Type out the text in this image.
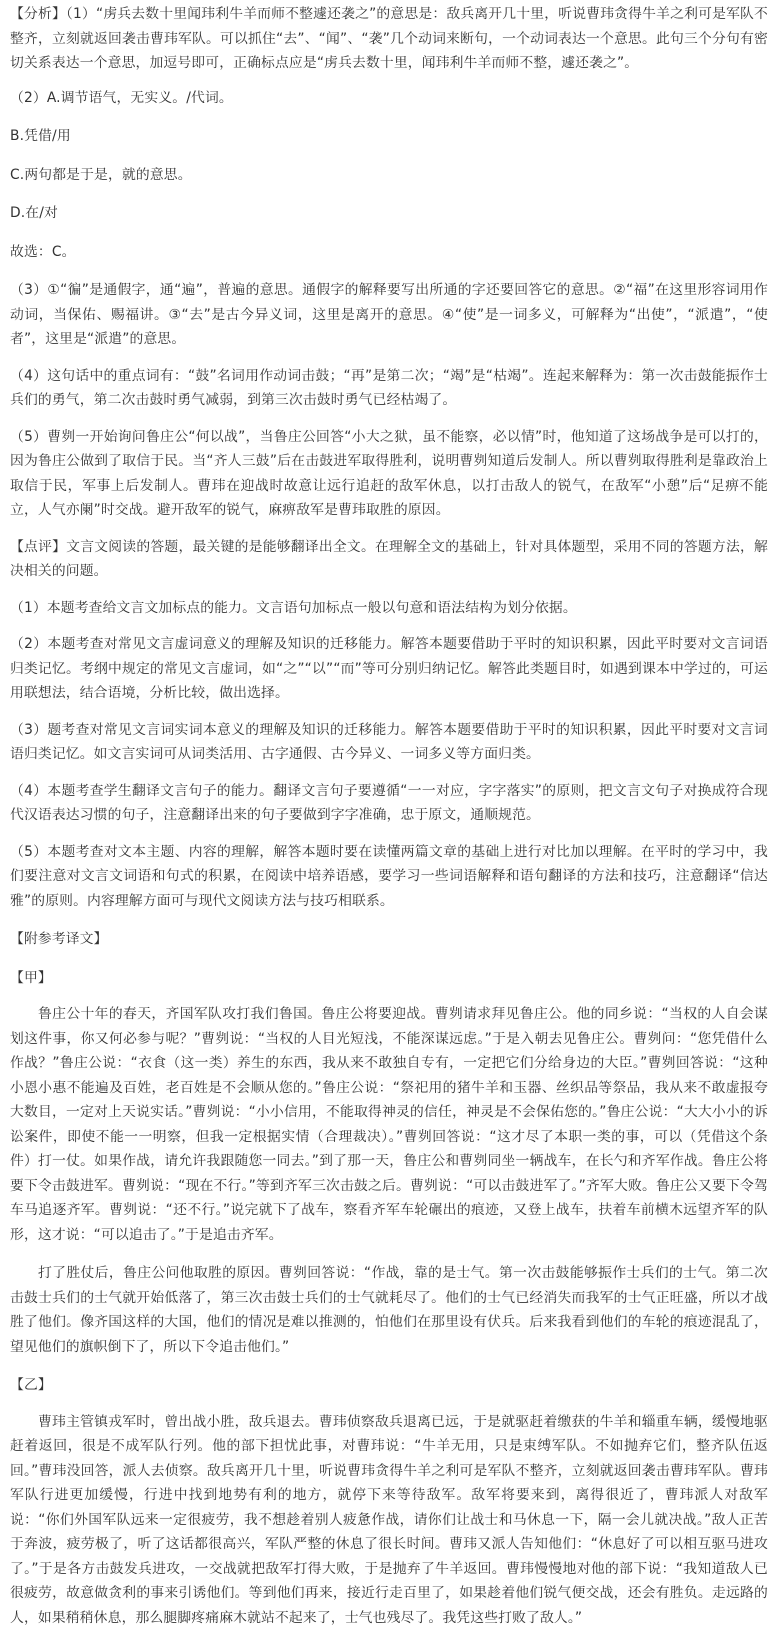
【分析】（1）“虏兵去数十里闻玮利牛羊而师不整遽还袭之”的意思是：敌兵离开几十里，听说曹玮贪得牛羊之利可是军队不整齐，立刻就返回袭击曹玮军队。可以抓住“去”、“闻”、“袭”几个动词来断句，一个动词表达一个意思。此句三个分句有密切关系表达一个意思，加逗号即可，正确标点应是“虏兵去数十里，闻玮利牛羊而师不整，遽还袭之”。

（2）A.调节语气，无实义。/代词。

B.凭借/用

C.两句都是于是，就的意思。

D.在/对

故选：C。

（3）①“徧”是通假字，通“遍”，普遍的意思。通假字的解释要写出所通的字还要回答它的意思。②“福”在这里形容词用作动词，当保佑、赐福讲。③“去”是古今异义词，这里是离开的意思。④“使”是一词多义，可解释为“出使”，“派遣”，“使者”，这里是“派遣”的意思。

（4）这句话中的重点词有：“鼓”名词用作动词击鼓；“再”是第二次；“竭”是“枯竭”。连起来解释为：第一次击鼓能振作士兵们的勇气，第二次击鼓时勇气减弱，到第三次击鼓时勇气已经枯竭了。

（5）曹刿一开始询问鲁庄公“何以战”，当鲁庄公回答“小大之狱，虽不能察，必以情”时，他知道了这场战争是可以打的，因为鲁庄公做到了取信于民。当“齐人三鼓”后在击鼓进军取得胜利，说明曹刿知道后发制人。所以曹刿取得胜利是靠政治上取信于民，军事上后发制人。曹玮在迎战时故意让远行追赶的敌军休息，以打击敌人的锐气，在敌军“小憩”后“足痹不能立，人气亦阑”时交战。避开敌军的锐气，麻痹敌军是曹玮取胜的原因。

【点评】文言文阅读的答题，最关键的是能够翻译出全文。在理解全文的基础上，针对具体题型，采用不同的答题方法，解决相关的问题。

（1）本题考查给文言文加标点的能力。文言语句加标点一般以句意和语法结构为划分依据。

（2）本题考查对常见文言虚词意义的理解及知识的迁移能力。解答本题要借助于平时的知识积累，因此平时要对文言词语归类记忆。考纲中规定的常见文言虚词，如“之”“以”“而”等可分别归纳记忆。解答此类题目时，如遇到课本中学过的，可运用联想法，结合语境，分析比较，做出选择。

（3）题考查对常见文言词实词本意义的理解及知识的迁移能力。解答本题要借助于平时的知识积累，因此平时要对文言词语归类记忆。如文言实词可从词类活用、古字通假、古今异义、一词多义等方面归类。

（4）本题考查学生翻译文言句子的能力。翻译文言句子要遵循“一一对应，字字落实”的原则，把文言文句子对换成符合现代汉语表达习惯的句子，注意翻译出来的句子要做到字字准确，忠于原文，通顺规范。

（5）本题考查对文本主题、内容的理解，解答本题时要在读懂两篇文章的基础上进行对比加以理解。在平时的学习中，我们要注意对文言文词语和句式的积累，在阅读中培养语感，要学习一些词语解释和语句翻译的方法和技巧，注意翻译“信达雅”的原则。内容理解方面可与现代文阅读方法与技巧相联系。

【附参考译文】

【甲】

鲁庄公十年的春天，齐国军队攻打我们鲁国。鲁庄公将要迎战。曹刿请求拜见鲁庄公。他的同乡说：“当权的人自会谋划这件事，你又何必参与呢？”曹刿说：“当权的人目光短浅，不能深谋远虑。”于是入朝去见鲁庄公。曹刿问：“您凭借什么作战？”鲁庄公说：“衣食（这一类）养生的东西，我从来不敢独自专有，一定把它们分给身边的大臣。”曹刿回答说：“这种小恩小惠不能遍及百姓，老百姓是不会顺从您的。”鲁庄公说：“祭祀用的猪牛羊和玉器、丝织品等祭品，我从来不敢虚报夸大数目，一定对上天说实话。”曹刿说：“小小信用，不能取得神灵的信任，神灵是不会保佑您的。”鲁庄公说：“大大小小的诉讼案件，即使不能一一明察，但我一定根据实情（合理裁决）。”曹刿回答说：“这才尽了本职一类的事，可以（凭借这个条件）打一仗。如果作战，请允许我跟随您一同去。”到了那一天，鲁庄公和曹刿同坐一辆战车，在长勺和齐军作战。鲁庄公将要下令击鼓进军。曹刿说：“现在不行。”等到齐军三次击鼓之后。曹刿说：“可以击鼓进军了。”齐军大败。鲁庄公又要下令驾车马追逐齐军。曹刿说：“还不行。”说完就下了战车，察看齐军车轮碾出的痕迹，又登上战车，扶着车前横木远望齐军的队形，这才说：“可以追击了。”于是追击齐军。

打了胜仗后，鲁庄公问他取胜的原因。曹刿回答说：“作战，靠的是士气。第一次击鼓能够振作士兵们的士气。第二次击鼓士兵们的士气就开始低落了，第三次击鼓士兵们的士气就耗尽了。他们的士气已经消失而我军的士气正旺盛，所以才战胜了他们。像齐国这样的大国，他们的情况是难以推测的，怕他们在那里设有伏兵。后来我看到他们的车轮的痕迹混乱了，望见他们的旗帜倒下了，所以下令追击他们。”

【乙】

曹玮主管镇戎军时，曾出战小胜，敌兵退去。曹玮侦察敌兵退离已远，于是就驱赶着缴获的牛羊和辎重车辆，缓慢地驱赶着返回，很是不成军队行列。他的部下担忧此事，对曹玮说：“牛羊无用，只是束缚军队。不如抛弃它们，整齐队伍返回。”曹玮没回答，派人去侦察。敌兵离开几十里，听说曹玮贪得牛羊之利可是军队不整齐，立刻就返回袭击曹玮军队。曹玮军队行进更加缓慢，行进中找到地势有利的地方，就停下来等待敌军。敌军将要来到，离得很近了，曹玮派人对敌军说：“你们外国军队远来一定很疲劳，我不想趁着别人疲惫作战，请你们让战士和马休息一下，隔一会儿就决战。”敌人正苦于奔波，疲劳极了，听了这话都很高兴，军队严整的休息了很长时间。曹玮又派人告知他们：“休息好了可以相互驱马进攻了。”于是各方击鼓发兵进攻，一交战就把敌军打得大败，于是抛弃了牛羊返回。曹玮慢慢地对他的部下说：“我知道敌人已很疲劳，故意做贪利的事来引诱他们。等到他们再来，接近行走百里了，如果趁着他们锐气便交战，还会有胜负。走远路的人，如果稍稍休息，那么腿脚疼痛麻木就站不起来了，士气也残尽了。我凭这些打败了敌人。”
